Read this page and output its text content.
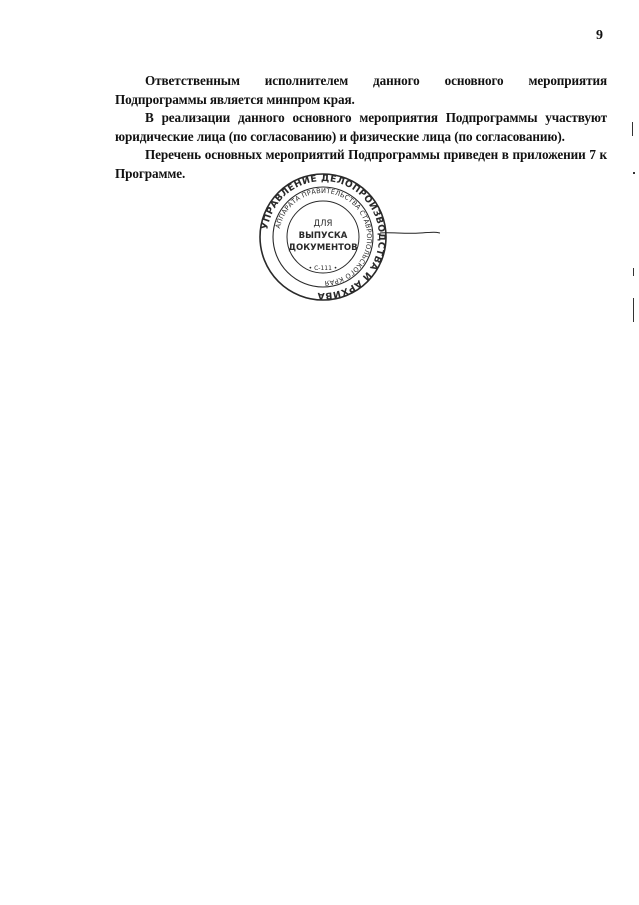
9

Ответственным исполнителем данного основного мероприятия Подпрограммы является минпром края.

В реализации данного основного мероприятия Подпрограммы участвуют юридические лица (по согласованию) и физические лица (по согласованию).

Перечень основных мероприятий Подпрограммы приведен в приложении 7 к Программе.

УПРАВЛЕНИЕ ДЕЛОПРОИЗВОДСТВА И АРХИВА
АППАРАТА ПРАВИТЕЛЬСТВА СТАВРОПОЛЬСКОГО КРАЯ
ДЛЯ
ВЫПУСКА
ДОКУМЕНТОВ
• С-111 •
